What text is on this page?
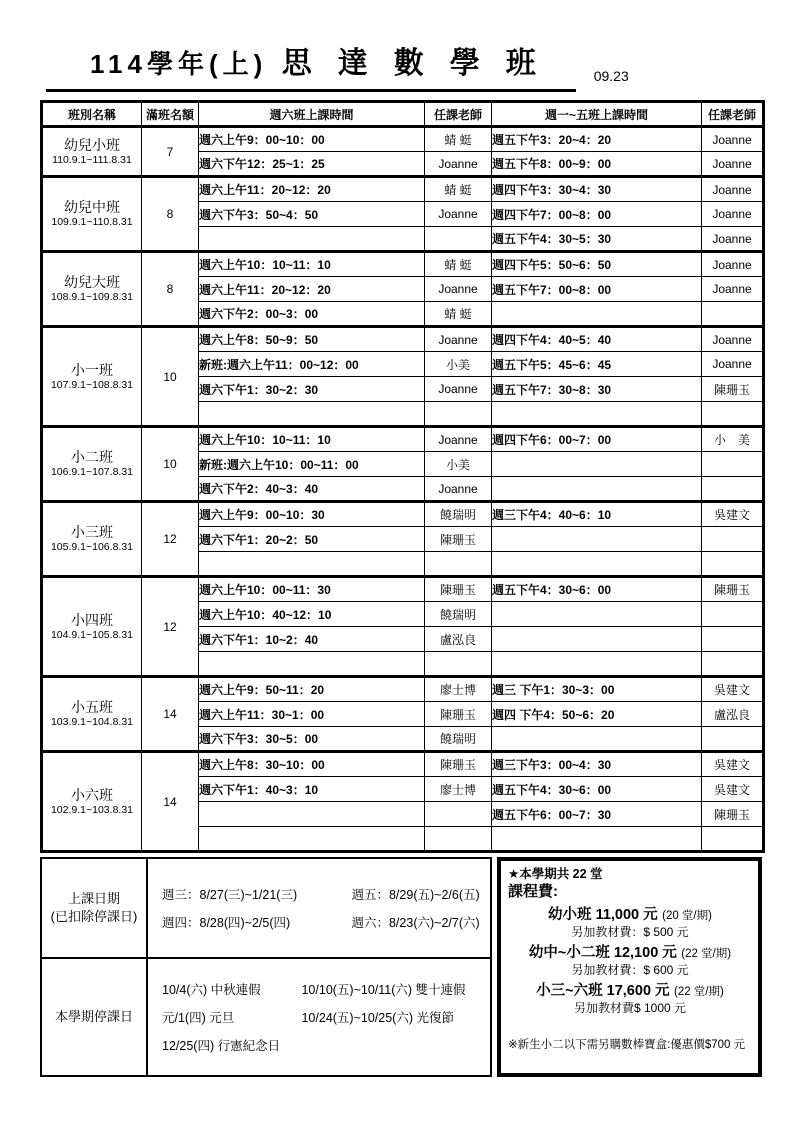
114學年(上) 思達數學班	09.23
班別名稱	滿班名額	週六班上課時間	任課老師	週一~五班上課時間	任課老師

幼兒小班
110.9.1~111.8.31	7	週六上午9：00~10：00	蜻 蜓	週五下午3：20~4：20	Joanne
		週六下午12：25~1：25	Joanne	週五下午8：00~9：00	Joanne

幼兒中班
109.9.1~110.8.31	8	週六上午11：20~12：20	蜻 蜓	週四下午3：30~4：30	Joanne
		週六下午3：50~4：50	Joanne	週四下午7：00~8：00	Joanne
				週五下午4：30~5：30	Joanne

幼兒大班
108.9.1~109.8.31	8	週六上午10：10~11：10	蜻 蜓	週四下午5：50~6：50	Joanne
		週六上午11：20~12：20	Joanne	週五下午7：00~8：00	Joanne
		週六下午2：00~3：00	蜻 蜓		

小一班
107.9.1~108.8.31	10	週六上午8：50~9：50	Joanne	週四下午4：40~5：40	Joanne
		新班:週六上午11：00~12：00	小美	週五下午5：45~6：45	Joanne
		週六下午1：30~2：30	Joanne	週五下午7：30~8：30	陳珊玉

小二班
106.9.1~107.8.31	10	週六上午10：10~11：10	Joanne	週四下午6：00~7：00	小　美
		新班:週六上午10：00~11：00	小美		
		週六下午2：40~3：40	Joanne		

小三班
105.9.1~106.8.31	12	週六上午9：00~10：30	饒瑞明	週三下午4：40~6：10	吳建文
		週六下午1：20~2：50	陳珊玉		

小四班
104.9.1~105.8.31	12	週六上午10：00~11：30	陳珊玉	週五下午4：30~6：00	陳珊玉
		週六上午10：40~12：10	饒瑞明		
		週六下午1：10~2：40	盧泓良		

小五班
103.9.1~104.8.31	14	週六上午9：50~11：20	廖士博	週三 下午1：30~3：00	吳建文
		週六上午11：30~1：00	陳珊玉	週四 下午4：50~6：20	盧泓良
		週六下午3：30~5：00	饒瑞明		

小六班
102.9.1~103.8.31	14	週六上午8：30~10：00	陳珊玉	週三下午3：00~4：30	吳建文
		週六下午1：40~3：10	廖士博	週五下午4：30~6：00	吳建文
				週五下午6：00~7：30	陳珊玉

上課日期
(已扣除停課日)
週三：8/27(三)~1/21(三)	週五：8/29(五)~2/6(五)
週四：8/28(四)~2/5(四)	週六：8/23(六)~2/7(六)
本學期停課日
10/4(六) 中秋連假	10/10(五)~10/11(六) 雙十連假
元/1(四) 元旦	10/24(五)~10/25(六) 光復節
12/25(四) 行憲紀念日
★本學期共 22 堂
課程費:
幼小班 11,000 元 (20 堂/期)
另加教材費：$ 500 元
幼中~小二班 12,100 元 (22 堂/期)
另加教材費：$ 600 元
小三~六班 17,600 元 (22 堂/期)
另加教材費$ 1000 元
※新生小二以下需另購數棒寶盒:優惠價$700 元
